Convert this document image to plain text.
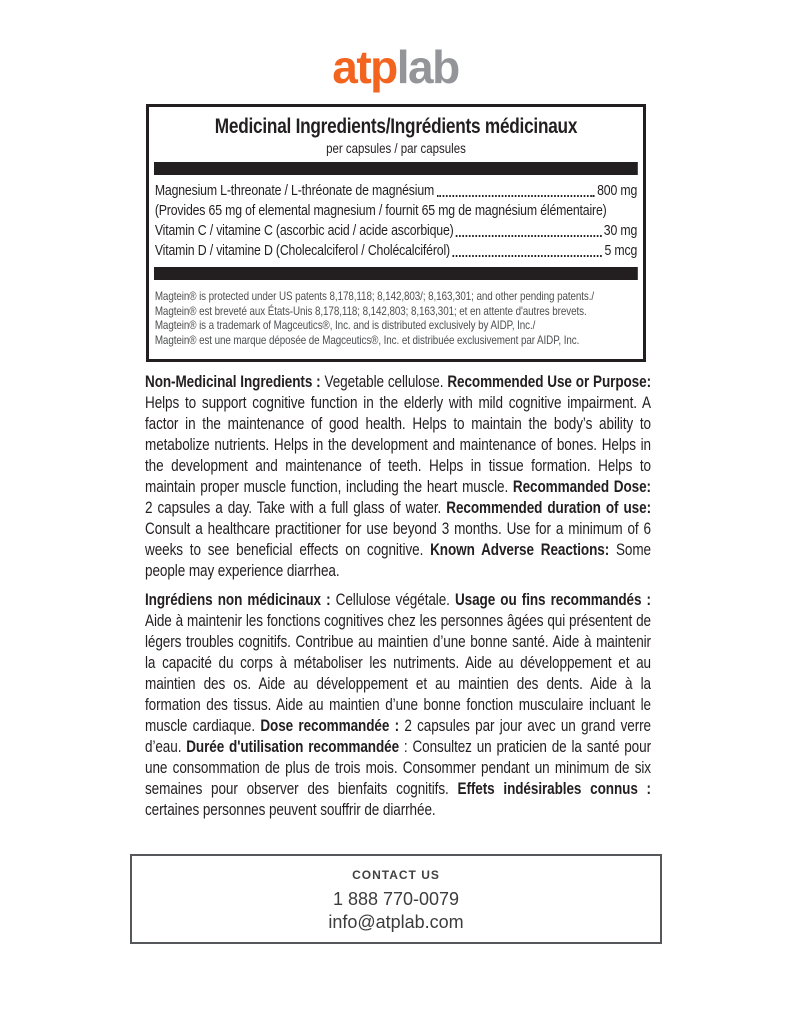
atplab
Medicinal Ingredients/Ingrédients médicinaux
per capsules / par capsules
Magnesium L-threonate / L-thréonate de magnésium	800 mg
(Provides 65 mg of elemental magnesium / fournit 65 mg de magnésium élémentaire)
Vitamin C / vitamine C (ascorbic acid / acide ascorbique)	30 mg
Vitamin D / vitamine D (Cholecalciferol / Cholécalciférol)	5 mcg
Magtein® is protected under US patents 8,178,118; 8,142,803/; 8,163,301; and other pending patents./
Magtein® est breveté aux États-Unis 8,178,118; 8,142,803; 8,163,301; et en attente d'autres brevets.
Magtein® is a trademark of Magceutics®, Inc. and is distributed exclusively by AIDP, Inc./
Magtein® est une marque déposée de Magceutics®, Inc. et distribuée exclusivement par AIDP, Inc.
Non-Medicinal Ingredients : Vegetable cellulose. Recommended Use or Purpose: Helps to support cognitive function in the elderly with mild cognitive impairment. A factor in the maintenance of good health. Helps to maintain the body’s ability to metabolize nutrients. Helps in the development and maintenance of bones. Helps in the development and maintenance of teeth. Helps in tissue formation. Helps to maintain proper muscle function, including the heart muscle. Recommanded Dose: 2 capsules a day. Take with a full glass of water. Recommended duration of use: Consult a healthcare practitioner for use beyond 3 months. Use for a minimum of 6 weeks to see beneficial effects on cognitive. Known Adverse Reactions: Some people may experience diarrhea.
Ingrédiens non médicinaux : Cellulose végétale. Usage ou fins recommandés : Aide à maintenir les fonctions cognitives chez les personnes âgées qui présentent de légers troubles cognitifs. Contribue au maintien d’une bonne santé. Aide à maintenir la capacité du corps à métaboliser les nutriments. Aide au développement et au maintien des os. Aide au développement et au maintien des dents. Aide à la formation des tissus. Aide au maintien d’une bonne fonction musculaire incluant le muscle cardiaque. Dose recommandée : 2 capsules par jour avec un grand verre d’eau. Durée d'utilisation recommandée : Consultez un praticien de la santé pour une consommation de plus de trois mois. Consommer pendant un minimum de six semaines pour observer des bienfaits cognitifs. Effets indésirables connus : certaines personnes peuvent souffrir de diarrhée.
CONTACT US
1 888 770-0079
info@atplab.com
